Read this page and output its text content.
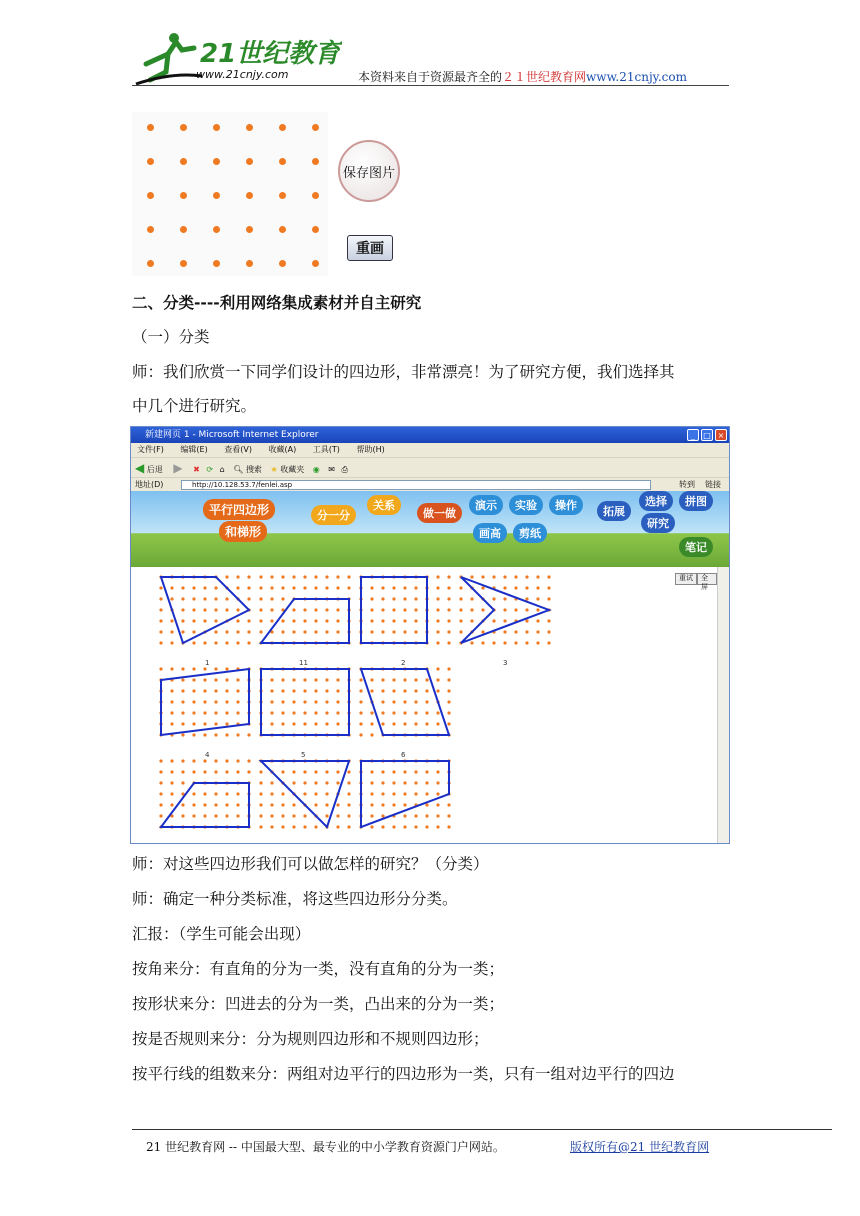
21世纪教育
www.21cnjy.com	本资料来自于资源最齐全的２１世纪教育网www.21cnjy.com
保存图片
重画
二、分类----利用网络集成素材并自主研究
（一）分类
师：我们欣赏一下同学们设计的四边形，非常漂亮！为了研究方便，我们选择其
中几个进行研究。
新建网页 1 - Microsoft Internet Explorer	_	□ ×
文件(F) 编辑(E) 查看(V) 收藏(A) 工具(T) 帮助(H)
◀ 后退 ▶ ✖ ⟳ ⌂ 🔍︎ 搜索 ★ 收藏夹 ◉ ✉ ⎙
地址(D)	http://10.128.53.7/fenlei.asp	转到 链接
平行四边形
和梯形
分一分
关系
做一做
演示	实验	操作
画高	剪纸
拓展
选择	拼图
研究
笔记
重试	全屏
1	11	2	3
4	5	6
师：对这些四边形我们可以做怎样的研究？（分类）
师：确定一种分类标准，将这些四边形分分类。
汇报：（学生可能会出现）
按角来分：有直角的分为一类，没有直角的分为一类；
按形状来分：凹进去的分为一类，凸出来的分为一类；
按是否规则来分：分为规则四边形和不规则四边形；
按平行线的组数来分：两组对边平行的四边形为一类，只有一组对边平行的四边
21 世纪教育网 -- 中国最大型、最专业的中小学教育资源门户网站。	版权所有@21 世纪教育网
